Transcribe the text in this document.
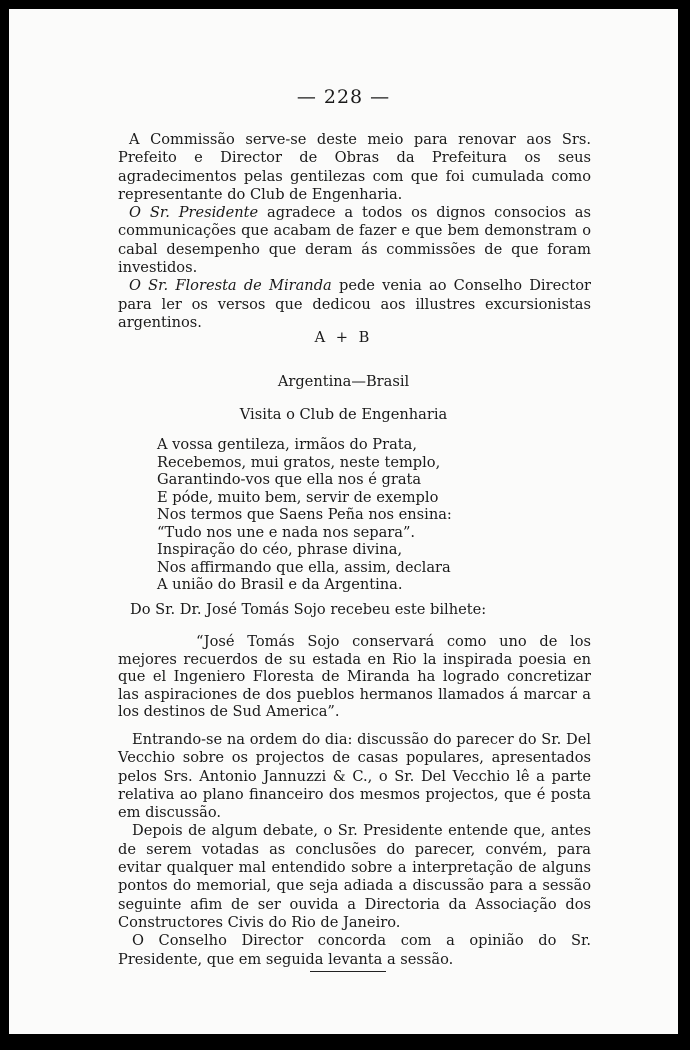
— 228 —

A Commissão serve-se deste meio para renovar aos Srs. Prefeito e Director de Obras da Prefeitura os seus agradecimentos pelas gentilezas com que foi cumulada como representante do Club de Engenharia.

O Sr. Presidente agradece a todos os dignos consocios as communicações que acabam de fazer e que bem demonstram o cabal desempenho que deram ás commissões de que foram investidos.

O Sr. Floresta de Miranda pede venia ao Conselho Director para ler os versos que dedicou aos illustres excursionistas argentinos.

A + B
Argentina—Brasil
Visita o Club de Engenharia
A vossa gentileza, irmãos do Prata,
Recebemos, mui gratos, neste templo,
Garantindo-vos que ella nos é grata
E póde, muito bem, servir de exemplo
Nos termos que Saens Peña nos ensina:
“Tudo nos une e nada nos separa”.
Inspiração do céo, phrase divina,
Nos affirmando que ella, assim, declara
A união do Brasil e da Argentina.
Do Sr. Dr. José Tomás Sojo recebeu este bilhete:

“José Tomás Sojo conservará como uno de los mejores recuerdos de su estada en Rio la inspirada poesia en que el Ingeniero Floresta de Miranda ha logrado concretizar las aspiraciones de dos pueblos hermanos llamados á marcar a los destinos de Sud America”.

Entrando-se na ordem do dia: discussão do parecer do Sr. Del Vecchio sobre os projectos de casas populares, apresentados pelos Srs. Antonio Jannuzzi & C., o Sr. Del Vecchio lê a parte relativa ao plano financeiro dos mesmos projectos, que é posta em discussão.

Depois de algum debate, o Sr. Presidente entende que, antes de serem votadas as conclusões do parecer, convém, para evitar qualquer mal entendido sobre a interpretação de alguns pontos do memorial, que seja adiada a discussão para a sessão seguinte afim de ser ouvida a Directoria da Associação dos Constructores Civis do Rio de Janeiro.

O Conselho Director concorda com a opinião do Sr. Presidente, que em seguida levanta a sessão.
